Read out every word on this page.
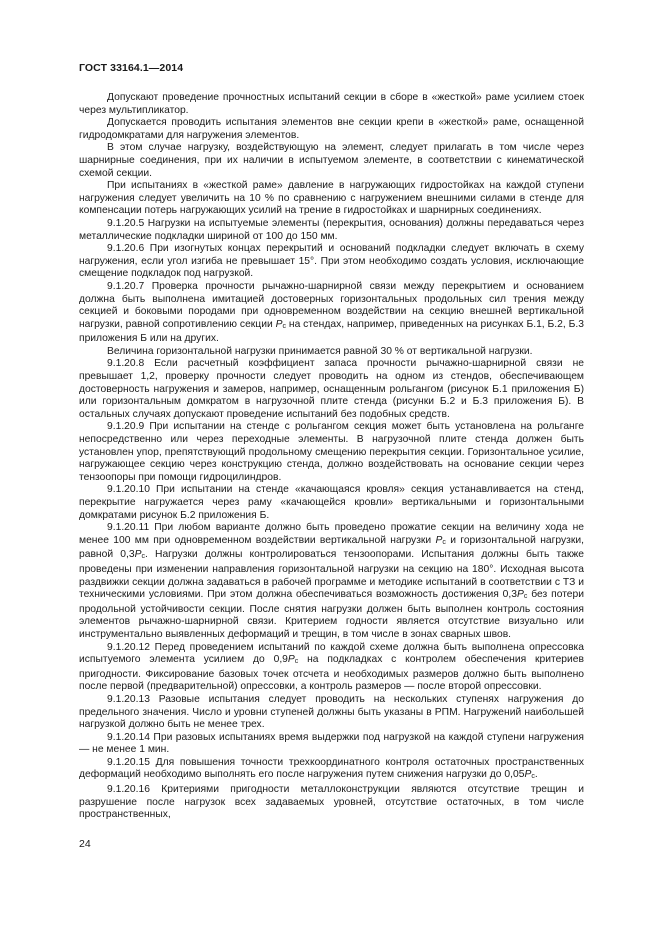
ГОСТ 33164.1—2014

Допускают проведение прочностных испытаний секции в сборе в «жесткой» раме усилием стоек через мультипликатор.

Допускается проводить испытания элементов вне секции крепи в «жесткой» раме, оснащенной гидродомкратами для нагружения элементов.

В этом случае нагрузку, воздействующую на элемент, следует прилагать в том числе через шарнирные соединения, при их наличии в испытуемом элементе, в соответствии с кинематической схемой секции.

При испытаниях в «жесткой раме» давление в нагружающих гидростойках на каждой ступени нагружения следует увеличить на 10 % по сравнению с нагружением внешними силами в стенде для компенсации потерь нагружающих усилий на трение в гидростойках и шарнирных соединениях.

9.1.20.5 Нагрузки на испытуемые элементы (перекрытия, основания) должны передаваться через металлические подкладки шириной от 100 до 150 мм.

9.1.20.6 При изогнутых концах перекрытий и оснований подкладки следует включать в схему нагружения, если угол изгиба не превышает 15°. При этом необходимо создать условия, исключающие смещение подкладок под нагрузкой.

9.1.20.7 Проверка прочности рычажно-шарнирной связи между перекрытием и основанием должна быть выполнена имитацией достоверных горизонтальных продольных сил трения между секцией и боковыми породами при одновременном воздействии на секцию внешней вертикальной нагрузки, равной сопротивлению секции Pс на стендах, например, приведенных на рисунках Б.1, Б.2, Б.3 приложения Б или на других.

Величина горизонтальной нагрузки принимается равной 30 % от вертикальной нагрузки.

9.1.20.8 Если расчетный коэффициент запаса прочности рычажно-шарнирной связи не превышает 1,2, проверку прочности следует проводить на одном из стендов, обеспечивающем достоверность нагружения и замеров, например, оснащенным рольгангом (рисунок Б.1 приложения Б) или горизонтальным домкратом в нагрузочной плите стенда (рисунки Б.2 и Б.3 приложения Б). В остальных случаях допускают проведение испытаний без подобных средств.

9.1.20.9 При испытании на стенде с рольгангом секция может быть установлена на рольганге непосредственно или через переходные элементы. В нагрузочной плите стенда должен быть установлен упор, препятствующий продольному смещению перекрытия секции. Горизонтальное усилие, нагружающее секцию через конструкцию стенда, должно воздействовать на основание секции через тензоопоры при помощи гидроцилиндров.

9.1.20.10 При испытании на стенде «качающаяся кровля» секция устанавливается на стенд, перекрытие нагружается через раму «качающейся кровли» вертикальными и горизонтальными домкратами рисунок Б.2 приложения Б.

9.1.20.11 При любом варианте должно быть проведено прожатие секции на величину хода не менее 100 мм при одновременном воздействии вертикальной нагрузки Pс и горизонтальной нагрузки, равной 0,3Pс. Нагрузки должны контролироваться тензоопорами. Испытания должны быть также проведены при изменении направления горизонтальной нагрузки на секцию на 180°. Исходная высота раздвижки секции должна задаваться в рабочей программе и методике испытаний в соответствии с ТЗ и техническими условиями. При этом должна обеспечиваться возможность достижения 0,3Pс без потери продольной устойчивости секции. После снятия нагрузки должен быть выполнен контроль состояния элементов рычажно-шарнирной связи. Критерием годности является отсутствие визуально или инструментально выявленных деформаций и трещин, в том числе в зонах сварных швов.

9.1.20.12 Перед проведением испытаний по каждой схеме должна быть выполнена опрессовка испытуемого элемента усилием до 0,9Pс на подкладках с контролем обеспечения критериев пригодности. Фиксирование базовых точек отсчета и необходимых размеров должно быть выполнено после первой (предварительной) опрессовки, а контроль размеров — после второй опрессовки.

9.1.20.13 Разовые испытания следует проводить на нескольких ступенях нагружения до предельного значения. Число и уровни ступеней должны быть указаны в РПМ. Нагружений наибольшей нагрузкой должно быть не менее трех.

9.1.20.14 При разовых испытаниях время выдержки под нагрузкой на каждой ступени нагружения — не менее 1 мин.

9.1.20.15 Для повышения точности трехкоординатного контроля остаточных пространственных деформаций необходимо выполнять его после нагружения путем снижения нагрузки до 0,05Pс.

9.1.20.16 Критериями пригодности металлоконструкции являются отсутствие трещин и разрушение после нагрузок всех задаваемых уровней, отсутствие остаточных, в том числе пространственных,

24
